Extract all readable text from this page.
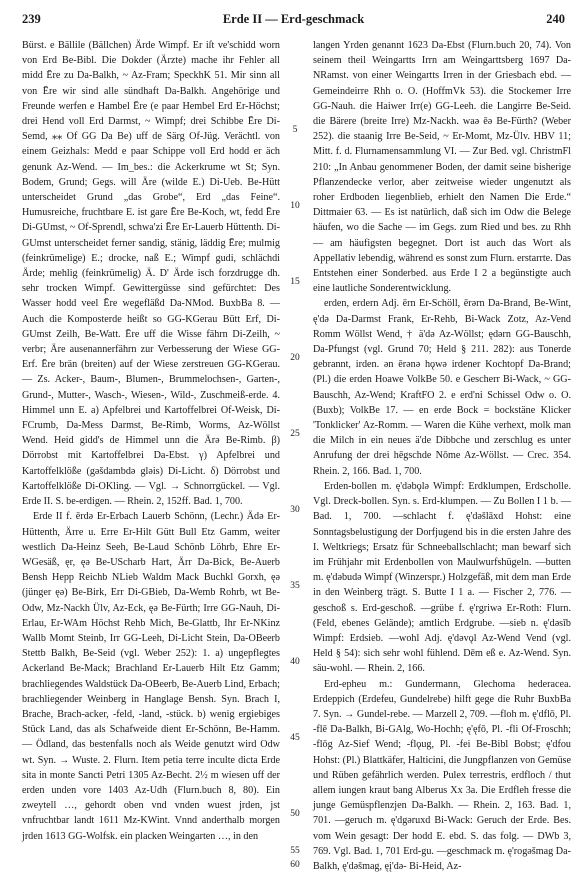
239	Erde II — Erd-geschmack	240

Bürst. e Bällile (Bällchen) Ärde Wimpf. Er iſt ve'schidd worn von Erd Be-Bibl. Die Dokder (Ärzte) mache ihr Fehler all midd Ēre zu Da-Balkh, ~ Az-Fram; SpeckhK 51. Mir sinn all von Ēre wir sind alle sündhaft Da-Balkh. Angehörige und Freunde werfen e Hambel Ēre (e paar Hembel Erd Er-Höchst; drei Hend voll Erd Darmst, ~ Wimpf; drei Schibbe Ēre Di-Semd, ⁎⁎ Of GG Da Be) uff de Särg Of-Jüg. Verächtl. von einem Geizhals: Medd e paar Schippe voll Erd hodd er äch genunk Az-Wend. — Im_bes.: die Ackerkrume wt St; Syn. Bodem, Grund; Gegs. will Äre (wilde E.) Di-Ueb. Be-Hütt unterscheidet Grund „das Grobe“, Erd „das Feine“. Humusreiche, fruchtbare E. ist gare Ēre Be-Koch, wt, fedd Ēre Di-GUmst, ~ Of-Sprendl, schwa'zi Ēre Er-Lauerb Hüttenth. Di-GUmst unterscheidet ferner sandig, stänig, läddig Ēre; mulmig (feinkrümelige) E.; drocke, naß E.; Wimpf gudi, schlächdi Ärde; mehlig (feinkrümelig) Ä. D' Ärde isch forzdrugge dh. sehr trocken Wimpf. Gewittergüsse sind gefürchtet: Des Wasser hodd veel Ēre wegefläßd Da-NMod. BuxbBa 8. — Auch die Komposterde heißt so GG-KGerau Bütt Erf, Di-GUmst Zeilh, Be-Watt. Ēre uff die Wisse fährn Di-Zeilh, ~ verbr; Äre ausenannerfährn zur Verbesserung der Wiese GG-Erf. Ēre brän (breiten) auf der Wiese zerstreuen GG-KGerau. — Zs. Acker-, Baum-, Blumen-, Brummelochsen-, Garten-, Grund-, Mutter-, Wasch-, Wiesen-, Wild-, Zuschmeiß-erde. 4. Himmel unn E. a) Apfelbrei und Kartoffelbrei Of-Weisk, Di-FCrumb, Da-Mess Darmst, Be-Rimb, Worms, Az-Wöllst Wend. Heid gidd's de Himmel unn die Ärə Be-Rimb. β) Dörrobst mit Kartoffelbrei Da-Ebst. γ) Apfelbrei und Kartoffelklöße (gəšdambdə gləis) Di-Licht. δ) Dörrobst und Kartoffelklöße Di-OKling. — Vgl. → Schnorrgückel. — Vgl. Erde II. S. be-erdigen. — Rhein. 2, 152ff. Bad. 1, 700.

Erde II f. ērdə Er-Erbach Lauerb Schönn, (Lechr.) Ädə Er-Hüttenth, Ärre u. Erre Er-Hilt Gütt Bull Etz Gamm, weiter westlich Da-Heinz Seeh, Be-Laud Schönb Löhrb, Ehre Er-WGesäß, ęr, ęə Be-UScharb Hart, Ärr Da-Bick, Be-Auerb Bensh Hepp Reichb NLieb Waldm Mack Buchkl Gorxh, ęə (jünger ęə) Be-Birk, Err Di-GBieb, Da-Wemb Rohrb, wt Be-Odw, Mz-Nackh Ülv, Az-Eck, ęə Be-Fürth; Irre GG-Nauh, Di-Erlau, Er-WAm Höchst Rehb Mich, Be-Glattb, Ihr Er-NKinz Wallb Momt Steinb, Irr GG-Leeh, Di-Licht Stein, Da-OBeerb Stettb Balkh, Be-Seid (vgl. Weber 252): 1. a) ungepflegtes Ackerland Be-Mack; Brachland Er-Lauerb Hilt Etz Gamm; brachliegendes Waldstück Da-OBeerb, Be-Auerb Lind, Erbach; brachliegender Weinberg in Hanglage Bensh. Syn. Brach I, Brache, Brach-acker, -feld, -land, -stück. b) wenig ergiebiges Stück Land, das als Schafweide dient Er-Schönn, Be-Hamm. — Ödland, das bestenfalls noch als Weide genutzt wird Odw wt. Syn. → Wuste. 2. Flurn. Item petia terre inculte dicta Erde sita in monte Sancti Petri 1305 Az-Becht. 2½ m wiesen uff der erden unden vore 1403 Az-Udh (Flurn.buch 8, 80). Ein zweytell …, gehordt oben vnd vnden wuest jrden, jst vnfruchtbar landt 1611 Mz-KWint. Vnnd anderthalb morgen jrden 1613 GG-Wolfsk. ein placken Weingarten …, in den

5
10
15
20
25
30
35
40
45
50
55
60

langen Yrden genannt 1623 Da-Ebst (Flurn.buch 20, 74). Von seinem theil Weingartts Irrn am Weingarttsberg 1697 Da-NRamst. von einer Weingartts Irren in der Griesbach ebd. — Gemeindeirre Rhh o. O. (HoffmVk 53). die Stockemer Irre GG-Nauh. die Haiwer Irr(e) GG-Leeh. die Langirre Be-Seid. die Bärere (breite Irre) Mz-Nackh. waə ēə Be-Fürth? (Weber 252). die staanig Irre Be-Seid, ~ Er-Momt, Mz-Ülv. HBV 11; Mitt. f. d. Flurnamensammlung VI. — Zur Bed. vgl. ChristmFl 210: „In Anbau genommener Boden, der damit seine bisherige Pflanzendecke verlor, aber zeitweise wieder ungenutzt als roher Erdboden liegenblieb, erhielt den Namen Die Erde.“ Dittmaier 63. — Es ist natürlich, daß sich im Odw die Belege häufen, wo die Sache — im Gegs. zum Ried und bes. zu Rhh — am häufigsten begegnet. Dort ist auch das Wort als Appellativ lebendig, während es sonst zum Flurn. erstarrte. Das Entstehen einer Sonderbed. aus Erde I 2 a begünstigte auch eine lautliche Sonderentwicklung.

erden, erdern Adj. ērn Er-Schöll, ērərn Da-Brand, Be-Wint, ę'də Da-Darmst Frank, Er-Rehb, Bi-Wack Zotz, Az-Vend Romm Wöllst Wend, † ä'də Az-Wöllst; ędərn GG-Bauschh, Da-Pfungst (vgl. Grund 70; Held § 211. 282): aus Tonerde gebrannt, irden. ən ērənə hǫwə irdener Kochtopf Da-Brand; (Pl.) die erden Hoawe VolkBe 50. e Gescherr Bi-Wack, ~ GG-Bauschh, Az-Wend; KraftFO 2. e erd'ni Schissel Odw o. O. (Buxb); VolkBe 17. — en erde Bock = bockstäne Klicker 'Tonklicker' Az-Romm. — Waren die Kühe verhext, molk man die Milch in ein neues ä'de Dibbche und zerschlug es unter Anrufung der drei hēgschde Nōme Az-Wöllst. — Crec. 354. Rhein. 2, 166. Bad. 1, 700.

Erden-bollen m. ę'dəbǫlə Wimpf: Erdklumpen, Erdscholle. Vgl. Dreck-bollen. Syn. s. Erd-klumpen. — Zu Bollen I 1 b. — Bad. 1, 700. —schlacht f. ę'dəšlāxd Hohst: eine Sonntagsbelustigung der Dorfjugend bis in die ersten Jahre des I. Weltkriegs; Ersatz für Schneeballschlacht; man bewarf sich im Frühjahr mit Erdenbollen von Maulwurfshügeln. —butten m. ę'dəbudə Wimpf (Winzerspr.) Holzgefäß, mit dem man Erde in den Weinberg trägt. S. Butte I 1 a. — Fischer 2, 776. —geschoß s. Erd-geschoß. —grübe f. ę'rgriwə Er-Roth: Flurn. (Feld, ebenes Gelände); amtlich Erdgrube. —sieb n. ę'dəsīb Wimpf: Erdsieb. —wohl Adj. ę'dəvǫl Az-Wend Vend (vgl. Held § 54): sich sehr wohl fühlend. Dēm eß e. Az-Wend. Syn. säu-wohl. — Rhein. 2, 166.

Erd-epheu m.: Gundermann, Glechoma hederacea. Erdeppich (Erdefeu, Gundelrebe) hilft gege die Ruhr BuxbBa 7. Syn. → Gundel-rebe. — Marzell 2, 709. —floh m. ę'dflō, Pl. -flē Da-Balkh, Bi-GAlg, Wo-Hochh; ę'ęfō, Pl. -fli Of-Froschh; -flōg Az-Sief Wend; -flǫug, Pl. -fei Be-Bibl Bobst; ę'dfou Hohst: (Pl.) Blattkäfer, Halticini, die Jungpflanzen von Gemüse und Rüben gefährlich werden. Pulex terrestris, erdfloch / thut allem iungen kraut bang Alberus Xx 3a. Die Erdfleh fresse die junge Gemüspflenzjen Da-Balkh. — Rhein. 2, 163. Bad. 1, 701. —geruch m. ę'dgəruxd Bi-Wack: Geruch der Erde. Bes. vom Wein gesagt: Der hodd E. ebd. S. das folg. — DWb 3, 769. Vgl. Bad. 1, 701 Erd-gu. —geschmack m. ę'rogəšmag Da-Balkh, ę'dəšmag, ęį'də- Bi-Heid, Az-
